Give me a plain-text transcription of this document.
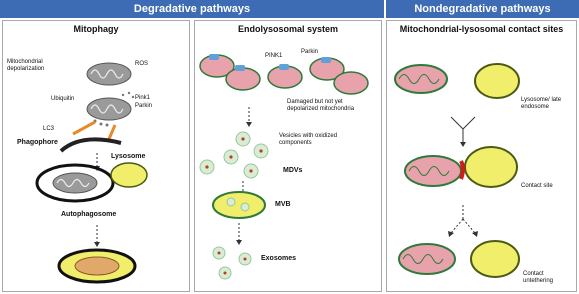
Degradative pathways	Nondegradative pathways
Mitophagy
Mitochondrial depolarization
ROS
Ubiquitin	Pink1
Parkin
LC3
Phagophore
Lysosome
Autophagosome
Endolysosomal system
PINK1
Parkin
Damaged but not yet depolarized mitochondria
Vesicles with oxidized components
MDVs
MVB
Exosomes
Mitochondrial-lysosomal contact sites
Lysosome/ late endosome
Contact site
Contact untethering
